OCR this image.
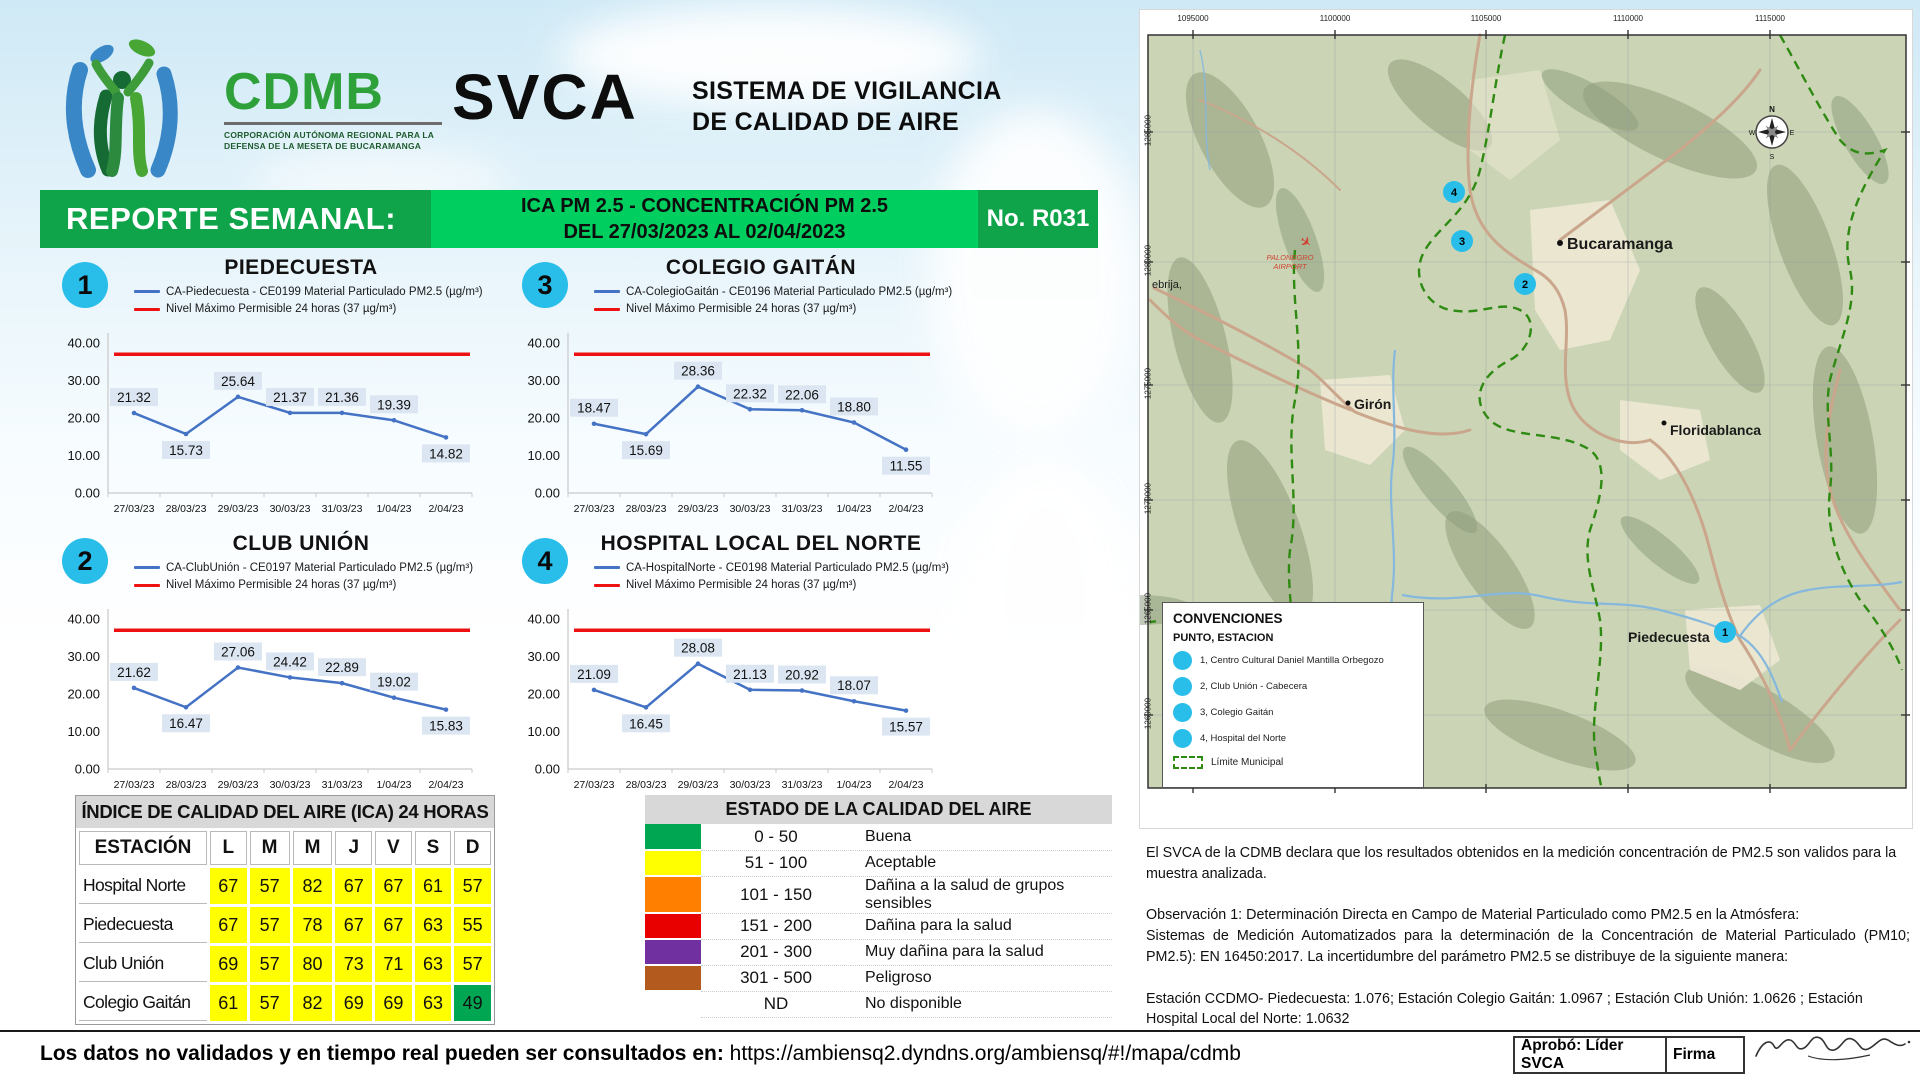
CDMB
CORPORACIÓN AUTÓNOMA REGIONAL PARA LA DEFENSA DE LA MESETA DE BUCARAMANGA
SVCA SISTEMA DE VIGILANCIA
DE CALIDAD DE AIRE
REPORTE SEMANAL:	ICA PM 2.5 - CONCENTRACIÓN PM 2.5
DEL 27/03/2023 AL 02/04/2023	No. R031
1
PIEDECUESTA
CA-Piedecuesta - CE0199 Material Particulado PM2.5 (µg/m³)
Nivel Máximo Permisible 24 horas (37 µg/m³)
40.00
30.00
20.00
10.00
0.00
21.32
15.73
25.64
21.37 21.36 19.39
14.82
27/03/23 28/03/23 29/03/23 30/03/23 31/03/23 1/04/23 2/04/23
3
COLEGIO GAITÁN
CA-ColegioGaitán - CE0196 Material Particulado PM2.5 (µg/m³)
Nivel Máximo Permisible 24 horas (37 µg/m³)
40.00
30.00
20.00
10.00
0.00
18.47
15.69
28.36
22.32 22.06
18.80
11.55
27/03/23 28/03/23 29/03/23 30/03/23 31/03/23 1/04/23 2/04/23
2
CLUB UNIÓN
CA-ClubUnión - CE0197 Material Particulado PM2.5 (µg/m³)
Nivel Máximo Permisible 24 horas (37 µg/m³)
40.00
30.00
20.00
10.00
0.00
21.62
16.47
27.06
24.42 22.89
19.02
15.83
27/03/23 28/03/23 29/03/23 30/03/23 31/03/23 1/04/23 2/04/23
4
HOSPITAL LOCAL DEL NORTE
CA-HospitalNorte - CE0198 Material Particulado PM2.5 (µg/m³)
Nivel Máximo Permisible 24 horas (37 µg/m³)
40.00
30.00
20.00
10.00
0.00
21.09
16.45
28.08
21.13 20.92
18.07
15.57
27/03/23 28/03/23 29/03/23 30/03/23 31/03/23 1/04/23 2/04/23
ÍNDICE DE CALIDAD DEL AIRE (ICA) 24 HORAS
ESTACIÓN	L	M	M	J	V	S	D
Hospital Norte	67	57	82	67	67	61	57
Piedecuesta	67	57	78	67	67	63	55
Club Unión	69	57	80	73	71	63	57
Colegio Gaitán	61	57	82	69	69	63	49
ESTADO DE LA CALIDAD DEL AIRE
	0 - 50	Buena
	51 - 100	Aceptable
	101 - 150	Dañina a la salud de grupos sensibles
	151 - 200	Dañina para la salud
	201 - 300	Muy dañina para la salud
	301 - 500	Peligroso
	ND	No disponible
N
E
S
W
✈
PALONEGRO
AIRPORT
Bucaramanga
Girón
Floridablanca
Piedecuesta
ebrija,
4
3
2
1
1095000	1100000	1105000	1110000	1115000
1285000
1280000
1275000
1270000
1265000
1260000
CONVENCIONES
PUNTO, ESTACION
1, Centro Cultural Daniel Mantilla Orbegozo
2, Club Unión - Cabecera
3, Colegio Gaitán
4, Hospital del Norte
Límite Municipal
El SVCA de la CDMB declara que los resultados obtenidos en la medición concentración de PM2.5 son validos para la muestra analizada.
Observación 1: Determinación Directa en Campo de Material Particulado como PM2.5 en la Atmósfera:
Sistemas de Medición Automatizados para la determinación de la Concentración de Material Particulado (PM10; PM2.5): EN 16450:2017. La incertidumbre del parámetro PM2.5 se distribuye de la siguiente manera:
Estación CCDMO- Piedecuesta: 1.076; Estación Colegio Gaitán: 1.0967 ; Estación Club Unión: 1.0626 ; Estación Hospital Local del Norte: 1.0632
Los datos no validados y en tiempo real pueden ser consultados en: https://ambiensq2.dyndns.org/ambiensq/#!/mapa/cdmb	Aprobó: Líder SVCA
Firma
